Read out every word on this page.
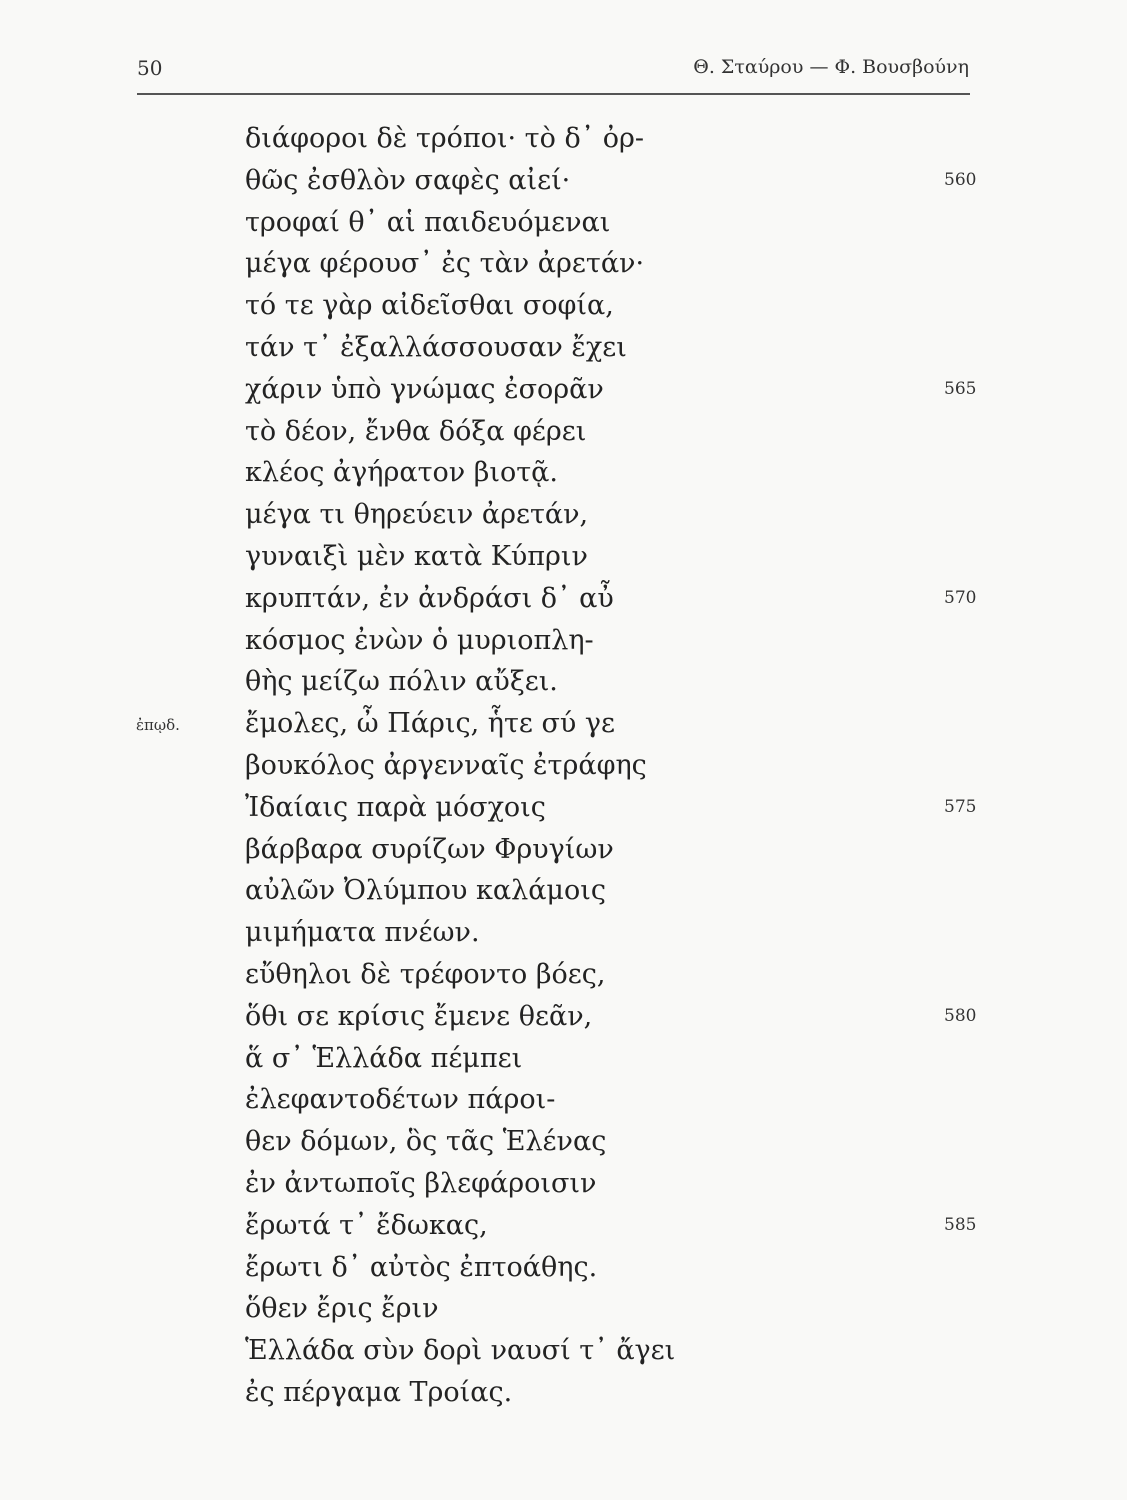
50	Θ. Σταύρου — Φ. Βουσβούνη
διάφοροι δὲ τρόποι· τὸ δ᾽ ὀρ-
θῶς ἐσθλὸν σαφὲς αἰεί·	560
τροφαί θ᾽ αἱ παιδευόμεναι
μέγα φέρουσ᾽ ἐς τὰν ἀρετάν·
τό τε γὰρ αἰδεῖσθαι σοφία,
τάν τ᾽ ἐξαλλάσσουσαν ἔχει
χάριν ὑπὸ γνώμας ἐσορᾶν	565
τὸ δέον, ἔνθα δόξα φέρει
κλέος ἀγήρατον βιοτᾷ.
μέγα τι θηρεύειν ἀρετάν,
γυναιξὶ μὲν κατὰ Κύπριν
κρυπτάν, ἐν ἀνδράσι δ᾽ αὖ	570
κόσμος ἐνὼν ὁ μυριοπλη-
θὴς μείζω πόλιν αὔξει.
ἔμολες, ὦ Πάρις, ἧτε σύ γε
ἐπῳδ.
βουκόλος ἀργενναῖς ἐτράφης
Ἰδαίαις παρὰ μόσχοις	575
βάρβαρα συρίζων Φρυγίων
αὐλῶν Ὀλύμπου καλάμοις
μιμήματα πνέων.
εὔθηλοι δὲ τρέφοντο βόες,
ὅθι σε κρίσις ἔμενε θεᾶν,	580
ἅ σ᾽ Ἑλλάδα πέμπει
ἐλεφαντοδέτων πάροι-
θεν δόμων, ὃς τᾶς Ἑλένας
ἐν ἀντωποῖς βλεφάροισιν
ἔρωτά τ᾽ ἔδωκας,	585
ἔρωτι δ᾽ αὐτὸς ἐπτοάθης.
ὅθεν ἔρις ἔριν
Ἑλλάδα σὺν δορὶ ναυσί τ᾽ ἄγει
ἐς πέργαμα Τροίας.
